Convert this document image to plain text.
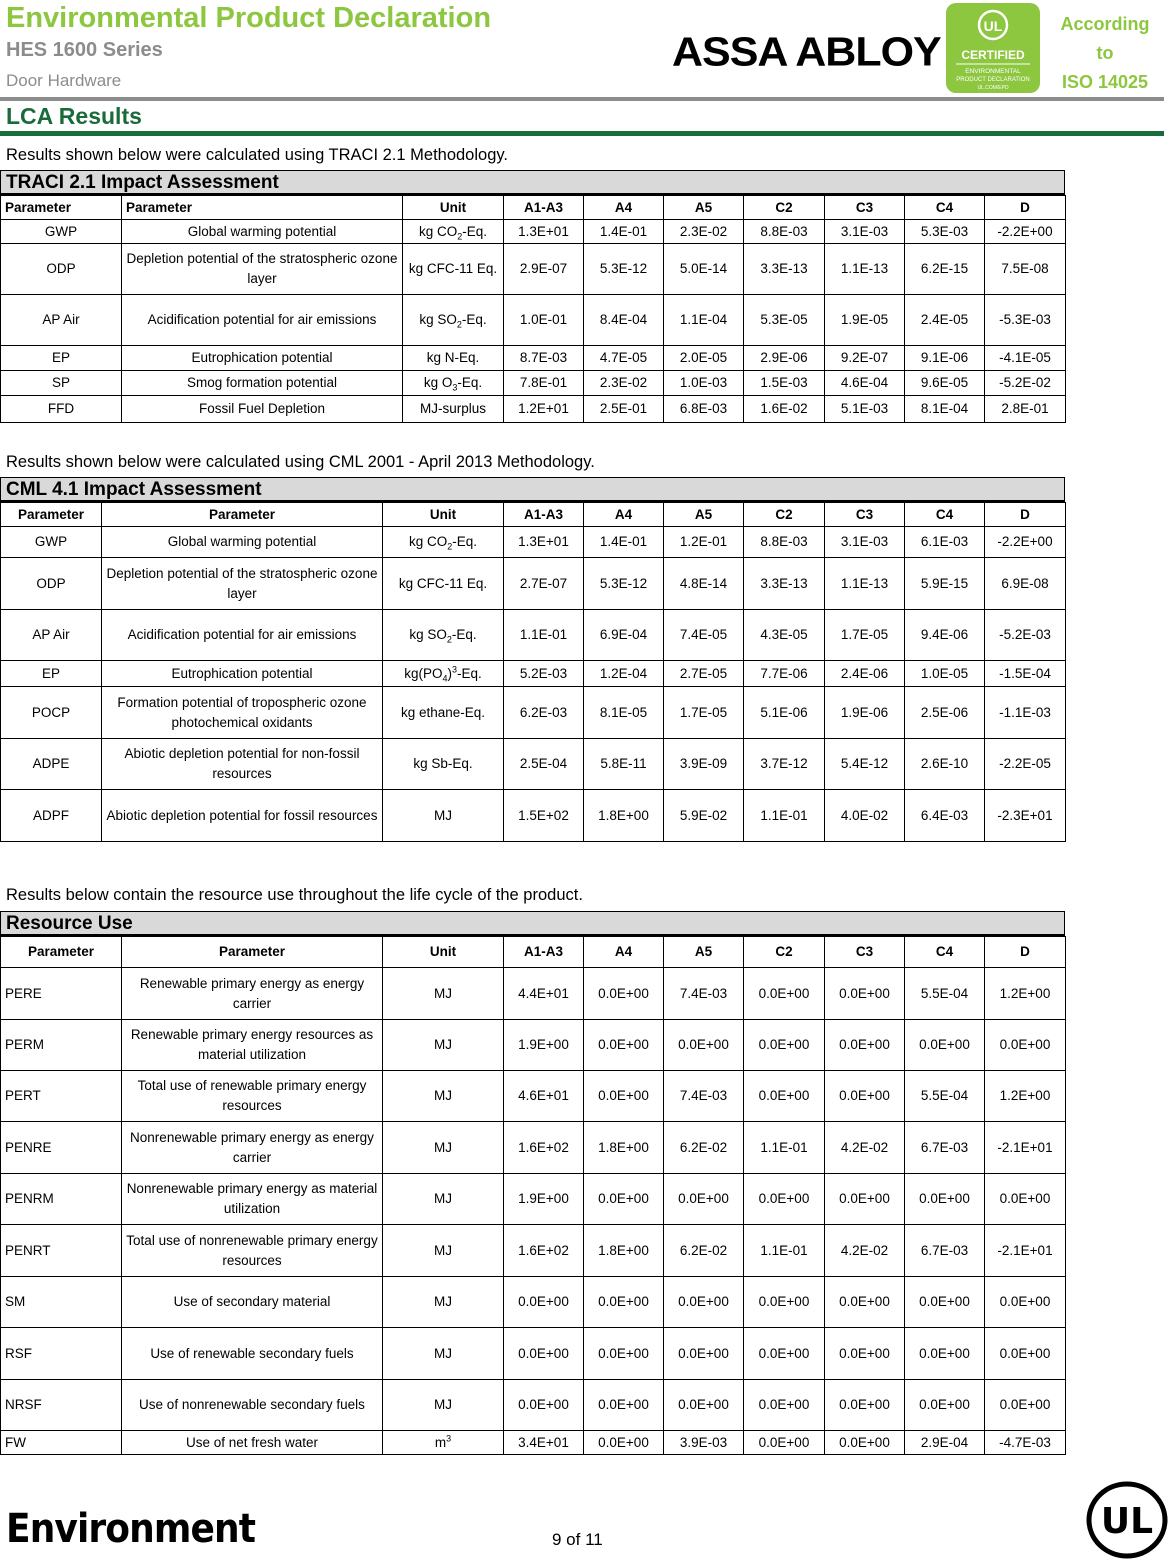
Environmental Product Declaration
HES 1600 Series
Door Hardware
ASSA ABLOY
UL
CERTIFIED
ENVIRONMENTAL
PRODUCT DECLARATION
UL.COM/EPD
According
to
ISO 14025
LCA Results
Results shown below were calculated using TRACI 2.1 Methodology.
TRACI 2.1 Impact Assessment
Parameter	Parameter	Unit	A1-A3	A4	A5	C2	C3	C4	D
GWP	Global warming potential	kg $CO_2-Eq$.	1.3E+01	1.4E-01	2.3E-02	8.8E-03	3.1E-03	5.3E-03	-2.2E+00
ODP	Depletion potential of the stratospheric ozone layer	kg CFC-11 Eq.	2.9E-07	5.3E-12	5.0E-14	3.3E-13	1.1E-13	6.2E-15	7.5E-08
AP Air	Acidification potential for air emissions	kg $SO_2-Eq$.	1.0E-01	8.4E-04	1.1E-04	5.3E-05	1.9E-05	2.4E-05	-5.3E-03
EP	Eutrophication potential	kg N-Eq.	8.7E-03	4.7E-05	2.0E-05	2.9E-06	9.2E-07	9.1E-06	-4.1E-05
SP	Smog formation potential	kg $O_3-Eq$.	7.8E-01	2.3E-02	1.0E-03	1.5E-03	4.6E-04	9.6E-05	-5.2E-02
FFD	Fossil Fuel Depletion	MJ-surplus	1.2E+01	2.5E-01	6.8E-03	1.6E-02	5.1E-03	8.1E-04	2.8E-01
Results shown below were calculated using CML 2001 - April 2013 Methodology.
CML 4.1 Impact Assessment
Parameter	Parameter	Unit	A1-A3	A4	A5	C2	C3	C4	D
GWP	Global warming potential	kg $CO_2-Eq$.	1.3E+01	1.4E-01	1.2E-01	8.8E-03	3.1E-03	6.1E-03	-2.2E+00
ODP	Depletion potential of the stratospheric ozone layer	kg CFC-11 Eq.	2.7E-07	5.3E-12	4.8E-14	3.3E-13	1.1E-13	5.9E-15	6.9E-08
AP Air	Acidification potential for air emissions	kg $SO_2-Eq$.	1.1E-01	6.9E-04	7.4E-05	4.3E-05	1.7E-05	9.4E-06	-5.2E-03
EP	Eutrophication potential	$kg(PO_4)^3-Eq$.	5.2E-03	1.2E-04	2.7E-05	7.7E-06	2.4E-06	1.0E-05	-1.5E-04
POCP	Formation potential of tropospheric ozone photochemical oxidants	kg ethane-Eq.	6.2E-03	8.1E-05	1.7E-05	5.1E-06	1.9E-06	2.5E-06	-1.1E-03
ADPE	Abiotic depletion potential for non-fossil resources	kg Sb-Eq.	2.5E-04	5.8E-11	3.9E-09	3.7E-12	5.4E-12	2.6E-10	-2.2E-05
ADPF	Abiotic depletion potential for fossil resources	MJ	1.5E+02	1.8E+00	5.9E-02	1.1E-01	4.0E-02	6.4E-03	-2.3E+01
Results below contain the resource use throughout the life cycle of the product.
Resource Use
Parameter	Parameter	Unit	A1-A3	A4	A5	C2	C3	C4	D
PERE	Renewable primary energy as energy carrier	MJ	4.4E+01	0.0E+00	7.4E-03	0.0E+00	0.0E+00	5.5E-04	1.2E+00
PERM	Renewable primary energy resources as material utilization	MJ	1.9E+00	0.0E+00	0.0E+00	0.0E+00	0.0E+00	0.0E+00	0.0E+00
PERT	Total use of renewable primary energy resources	MJ	4.6E+01	0.0E+00	7.4E-03	0.0E+00	0.0E+00	5.5E-04	1.2E+00
PENRE	Nonrenewable primary energy as energy carrier	MJ	1.6E+02	1.8E+00	6.2E-02	1.1E-01	4.2E-02	6.7E-03	-2.1E+01
PENRM	Nonrenewable primary energy as material utilization	MJ	1.9E+00	0.0E+00	0.0E+00	0.0E+00	0.0E+00	0.0E+00	0.0E+00
PENRT	Total use of nonrenewable primary energy resources	MJ	1.6E+02	1.8E+00	6.2E-02	1.1E-01	4.2E-02	6.7E-03	-2.1E+01
SM	Use of secondary material	MJ	0.0E+00	0.0E+00	0.0E+00	0.0E+00	0.0E+00	0.0E+00	0.0E+00
RSF	Use of renewable secondary fuels	MJ	0.0E+00	0.0E+00	0.0E+00	0.0E+00	0.0E+00	0.0E+00	0.0E+00
NRSF	Use of nonrenewable secondary fuels	MJ	0.0E+00	0.0E+00	0.0E+00	0.0E+00	0.0E+00	0.0E+00	0.0E+00
FW	Use of net fresh water	$m^3$	3.4E+01	0.0E+00	3.9E-03	0.0E+00	0.0E+00	2.9E-04	-4.7E-03
Environment	9 of 11	UL
